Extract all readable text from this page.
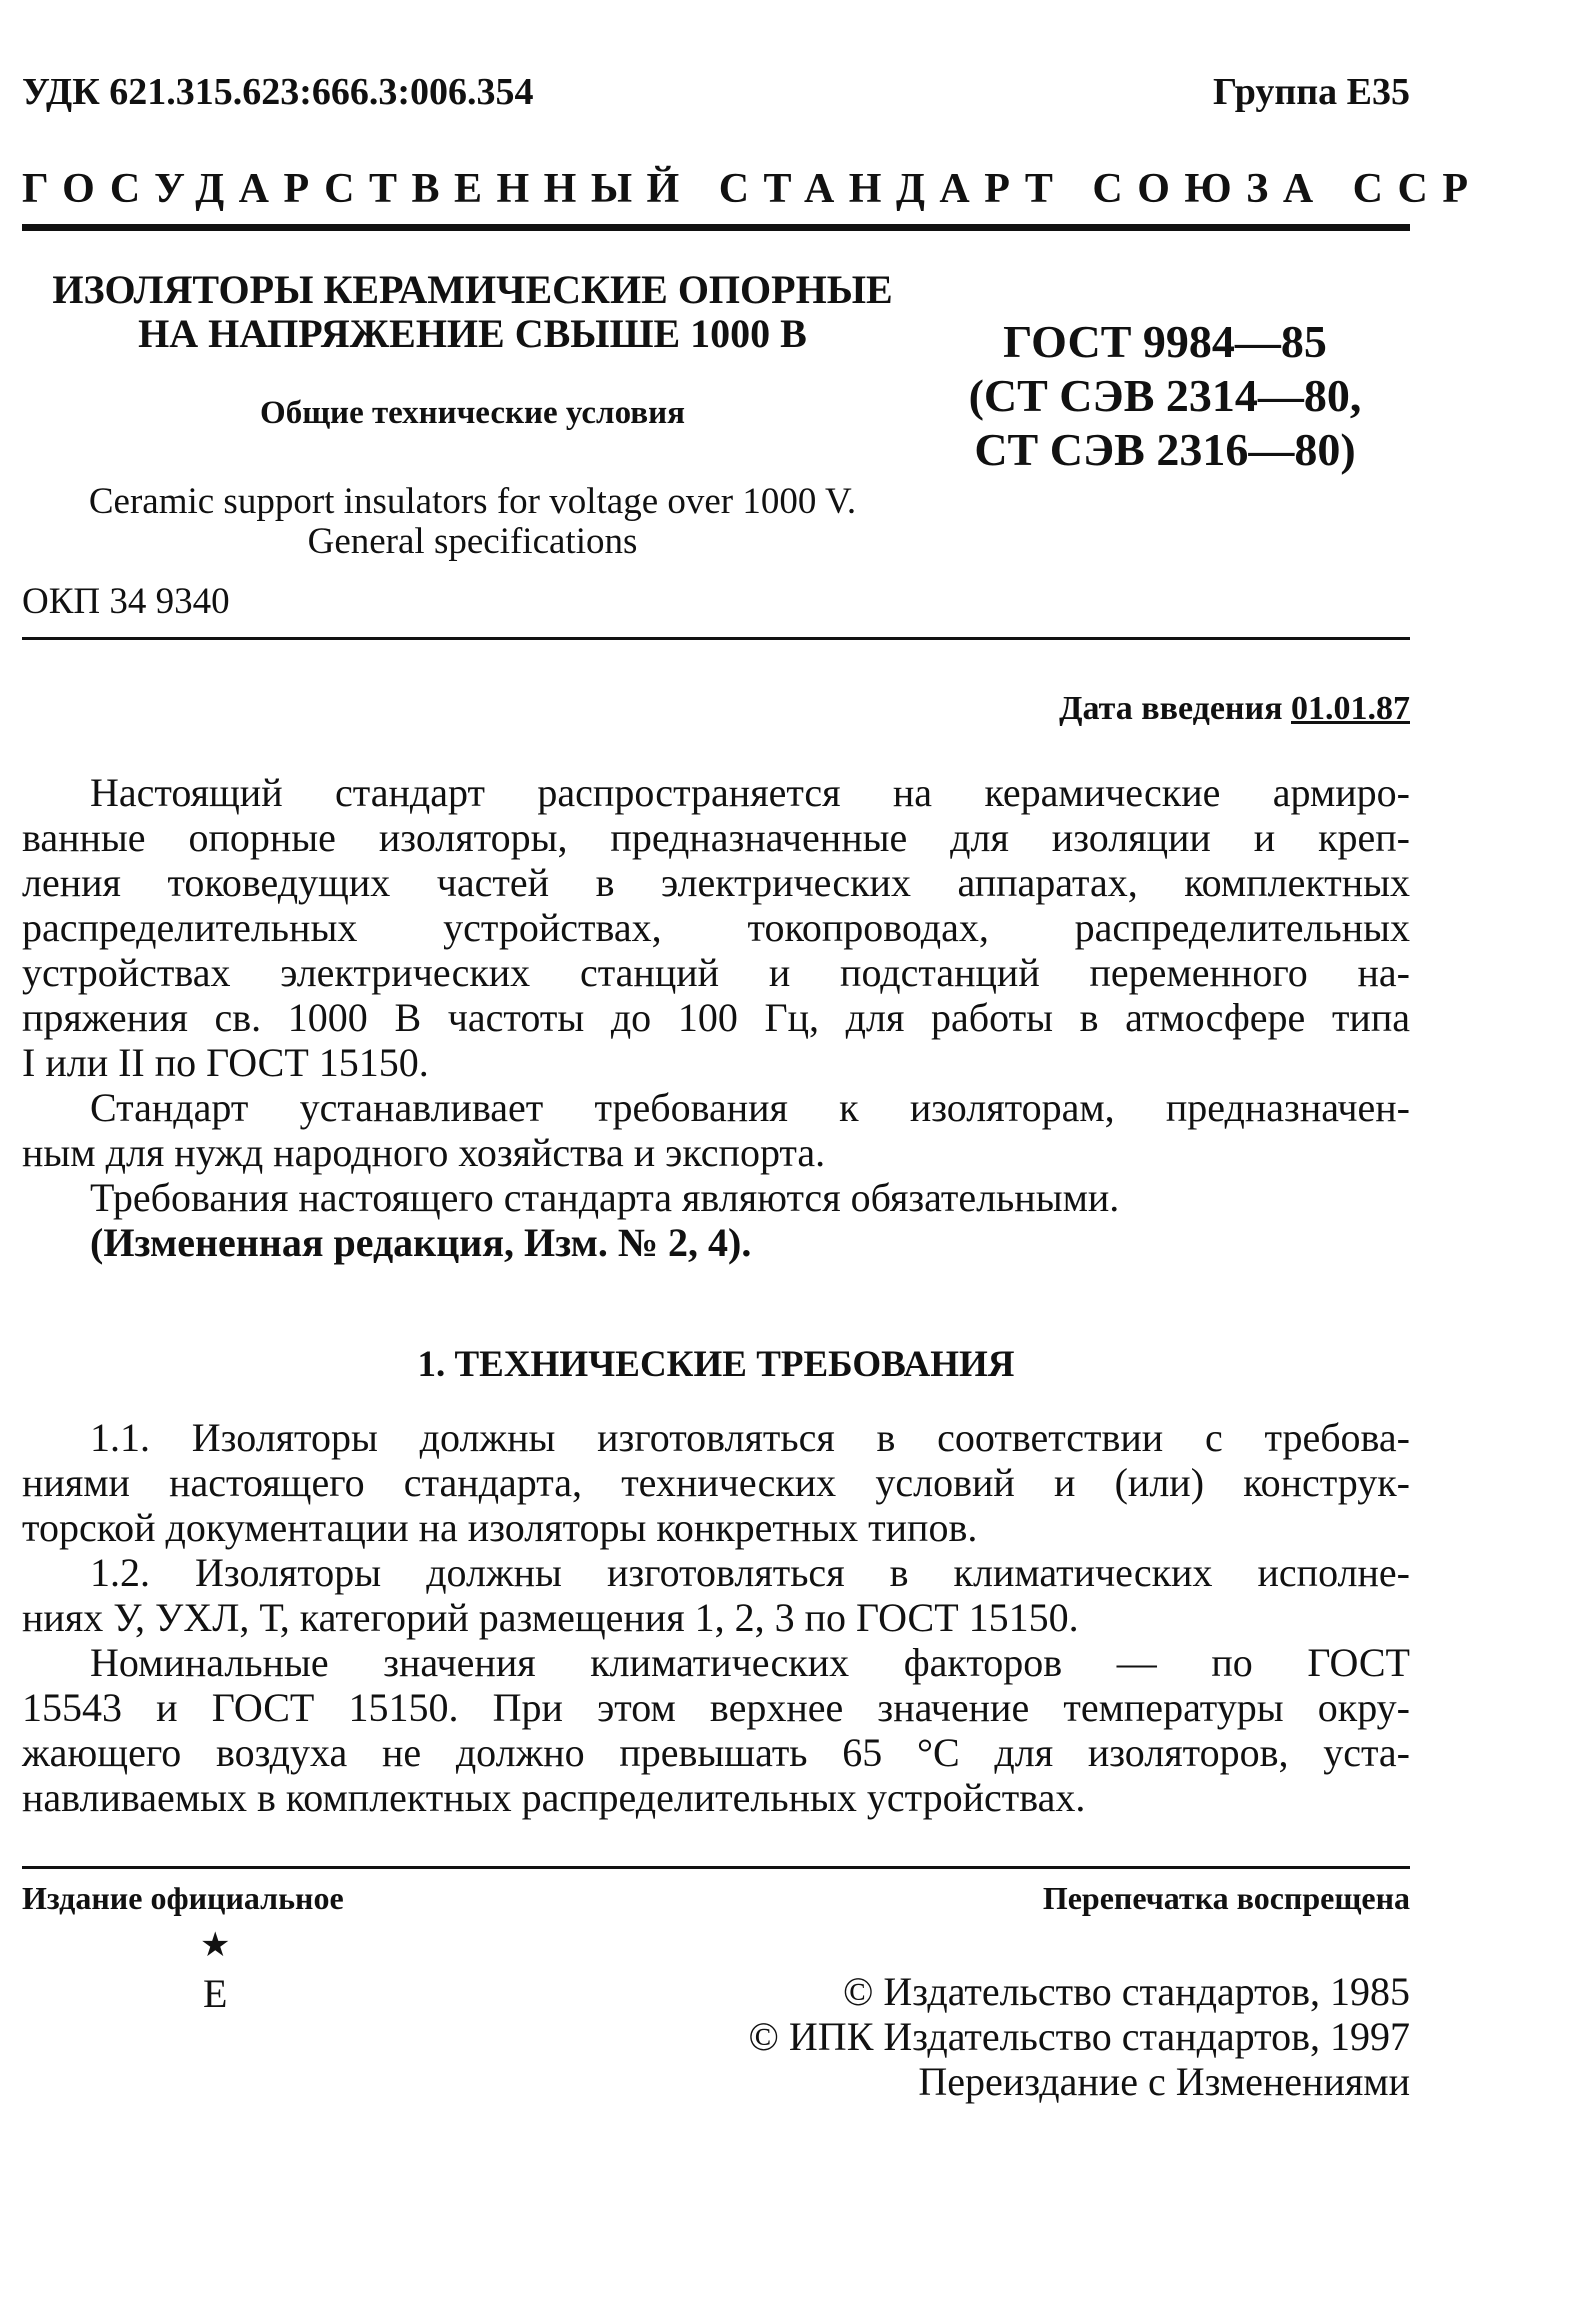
УДК 621.315.623:666.3:006.354	Группа Е35
ГОСУДАРСТВЕННЫЙ СТАНДАРТ СОЮЗА ССР
ИЗОЛЯТОРЫ КЕРАМИЧЕСКИЕ ОПОРНЫЕ
НА НАПРЯЖЕНИЕ СВЫШЕ 1000 В
Общие технические условия
Ceramic support insulators for voltage over 1000 V.
General specifications
ОКП 34 9340
ГОСТ 9984—85
(СТ СЭВ 2314—80,
СТ СЭВ 2316—80)
Дата введения 01.01.87
Настоящий стандарт распространяется на керамические армиро-
ванные опорные изоляторы, предназначенные для изоляции и креп-
ления токоведущих частей в электрических аппаратах, комплектных
распределительных устройствах, токопроводах, распределительных
устройствах электрических станций и подстанций переменного на-
пряжения св. 1000 В частоты до 100 Гц, для работы в атмосфере типа
I или II по ГОСТ 15150.
Стандарт устанавливает требования к изоляторам, предназначен-
ным для нужд народного хозяйства и экспорта.
Требования настоящего стандарта являются обязательными.
(Измененная редакция, Изм. № 2, 4).
1. ТЕХНИЧЕСКИЕ ТРЕБОВАНИЯ
1.1. Изоляторы должны изготовляться в соответствии с требова-
ниями настоящего стандарта, технических условий и (или) конструк-
торской документации на изоляторы конкретных типов.
1.2. Изоляторы должны изготовляться в климатических исполне-
ниях У, УХЛ, Т, категорий размещения 1, 2, 3 по ГОСТ 15150.
Номинальные значения климатических факторов — по ГОСТ
15543 и ГОСТ 15150. При этом верхнее значение температуры окру-
жающего воздуха не должно превышать 65 °С для изоляторов, уста-
навливаемых в комплектных распределительных устройствах.
Издание официальное	Перепечатка воспрещена
★
Е	© Издательство стандартов, 1985
© ИПК Издательство стандартов, 1997
Переиздание с Изменениями
